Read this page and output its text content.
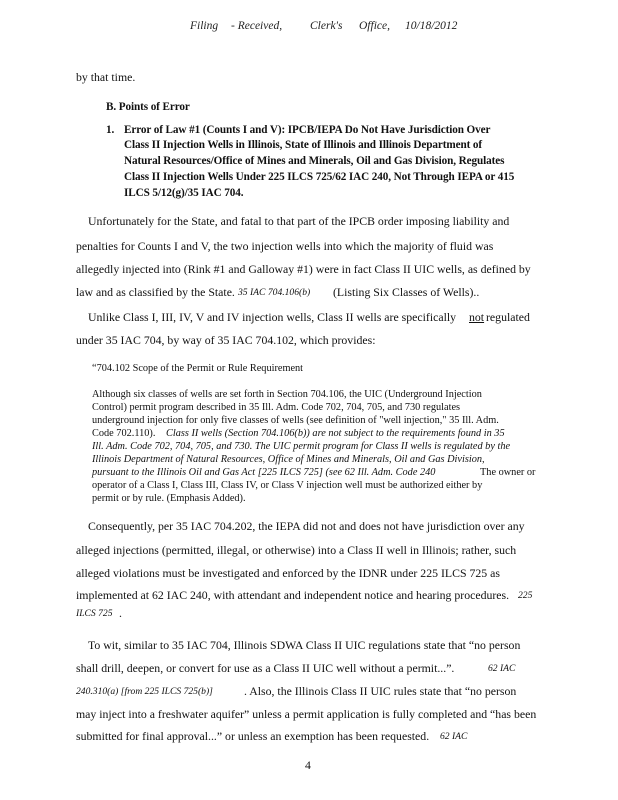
Filing - Received, Clerk's Office, 10/18/2012
by that time.
B. Points of Error
1. Error of Law #1 (Counts I and V): IPCB/IEPA Do Not Have Jurisdiction Over
Class II Injection Wells in Illinois, State of Illinois and Illinois Department of
Natural Resources/Office of Mines and Minerals, Oil and Gas Division, Regulates
Class II Injection Wells Under 225 ILCS 725/62 IAC 240, Not Through IEPA or 415
ILCS 5/12(g)/35 IAC 704.
Unfortunately for the State, and fatal to that part of the IPCB order imposing liability and
penalties for Counts I and V, the two injection wells into which the majority of fluid was
allegedly injected into (Rink #1 and Galloway #1) were in fact Class II UIC wells, as defined by
law and as classified by the State. 35 IAC 704.106(b) (Listing Six Classes of Wells)..
Unlike Class I, III, IV, V and IV injection wells, Class II wells are specifically not regulated
under 35 IAC 704, by way of 35 IAC 704.102, which provides:
“704.102 Scope of the Permit or Rule Requirement
Although six classes of wells are set forth in Section 704.106, the UIC (Underground Injection
Control) permit program described in 35 Ill. Adm. Code 702, 704, 705, and 730 regulates
underground injection for only five classes of wells (see definition of "well injection," 35 Ill. Adm.
Code 702.110). Class II wells (Section 704.106(b)) are not subject to the requirements found in 35
Ill. Adm. Code 702, 704, 705, and 730. The UIC permit program for Class II wells is regulated by the
Illinois Department of Natural Resources, Office of Mines and Minerals, Oil and Gas Division,
pursuant to the Illinois Oil and Gas Act [225 ILCS 725] (see 62 Ill. Adm. Code 240	The owner or
operator of a Class I, Class III, Class IV, or Class V injection well must be authorized either by
permit or by rule. (Emphasis Added).
Consequently, per 35 IAC 704.202, the IEPA did not and does not have jurisdiction over any
alleged injections (permitted, illegal, or otherwise) into a Class II well in Illinois; rather, such
alleged violations must be investigated and enforced by the IDNR under 225 ILCS 725 as
implemented at 62 IAC 240, with attendant and independent notice and hearing procedures. 225
ILCS 725 .
To wit, similar to 35 IAC 704, Illinois SDWA Class II UIC regulations state that “no person
shall drill, deepen, or convert for use as a Class II UIC well without a permit...”.	62 IAC
240.310(a) [from 225 ILCS 725(b)]	. Also, the Illinois Class II UIC rules state that “no person
may inject into a freshwater aquifer” unless a permit application is fully completed and “has been
submitted for final approval...” or unless an exemption has been requested. 62 IAC
4
